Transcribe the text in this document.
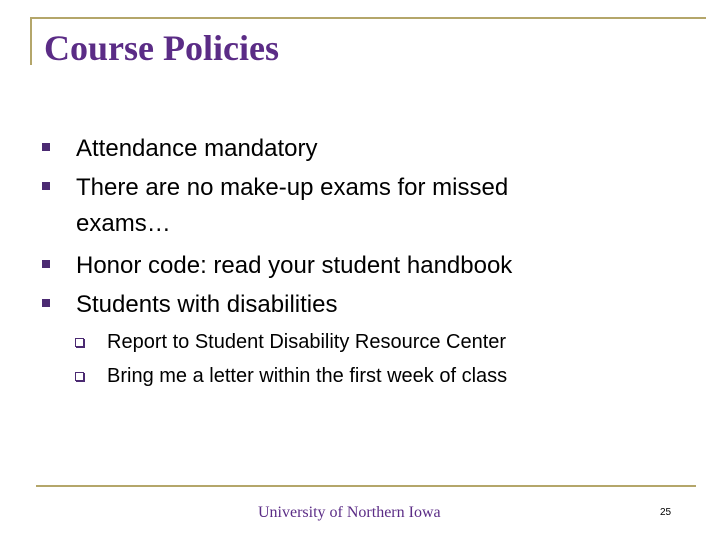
Course Policies
Attendance mandatory
There are no make-up exams for missed
exams…
Honor code: read your student handbook
Students with disabilities
Report to Student Disability Resource Center
Bring me a letter within the first week of class
University of Northern Iowa	25
